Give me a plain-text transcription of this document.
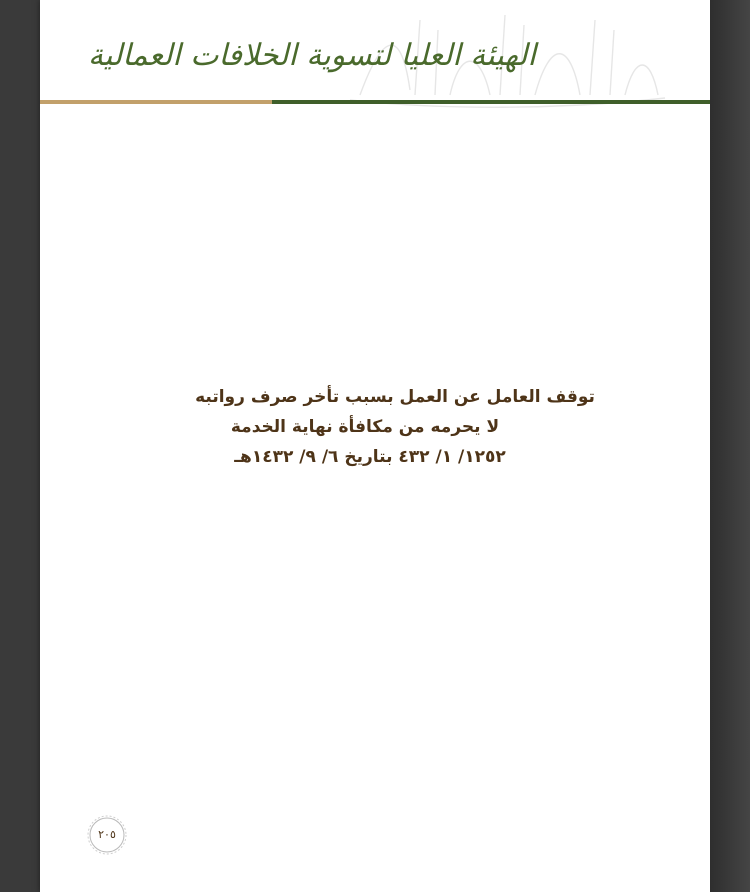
الهيئة العليا لتسوية الخلافات العمالية
توقف العامل عن العمل بسبب تأخر صرف رواتبه
لا يحرمه من مكافأة نهاية الخدمة
١٢٥٢/ ١/ ٤٣٢ بتاريخ ٦/ ٩/ ١٤٣٢هـ
٢٠٥
